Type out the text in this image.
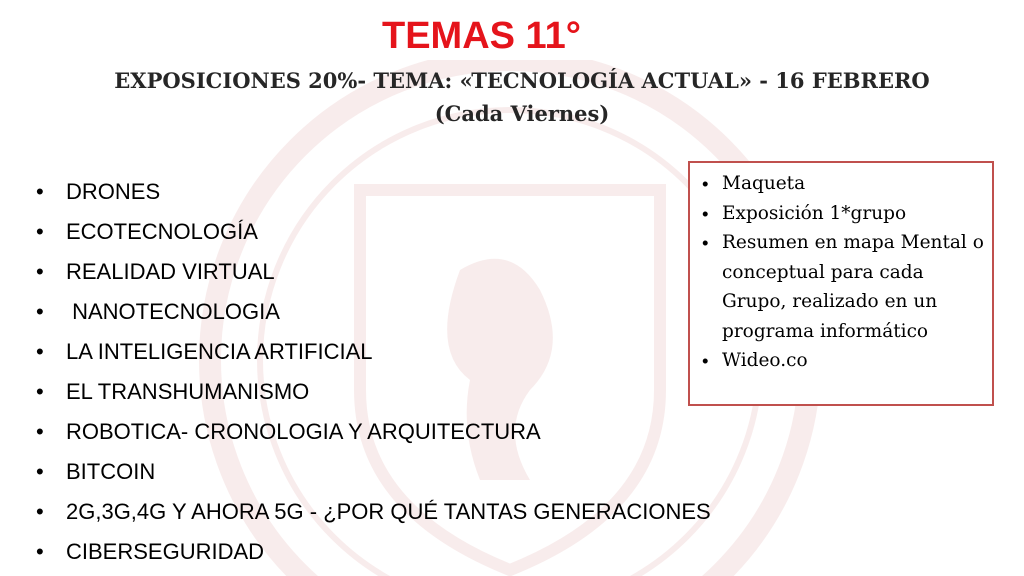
TEMAS 11°
EXPOSICIONES 20%- TEMA: «TECNOLOGÍA ACTUAL» - 16 FEBRERO (Cada Viernes)
• DRONES
• ECOTECNOLOGÍA
• REALIDAD VIRTUAL
• NANOTECNOLOGIA
• LA INTELIGENCIA ARTIFICIAL
• EL TRANSHUMANISMO
• ROBOTICA- CRONOLOGIA Y ARQUITECTURA
• BITCOIN
• 2G,3G,4G Y AHORA 5G - ¿POR QUÉ TANTAS GENERACIONES
• CIBERSEGURIDAD
• Maqueta
• Exposición 1*grupo
• Resumen en mapa Mental o conceptual para cada Grupo, realizado en un programa informático
• Wideo.co
